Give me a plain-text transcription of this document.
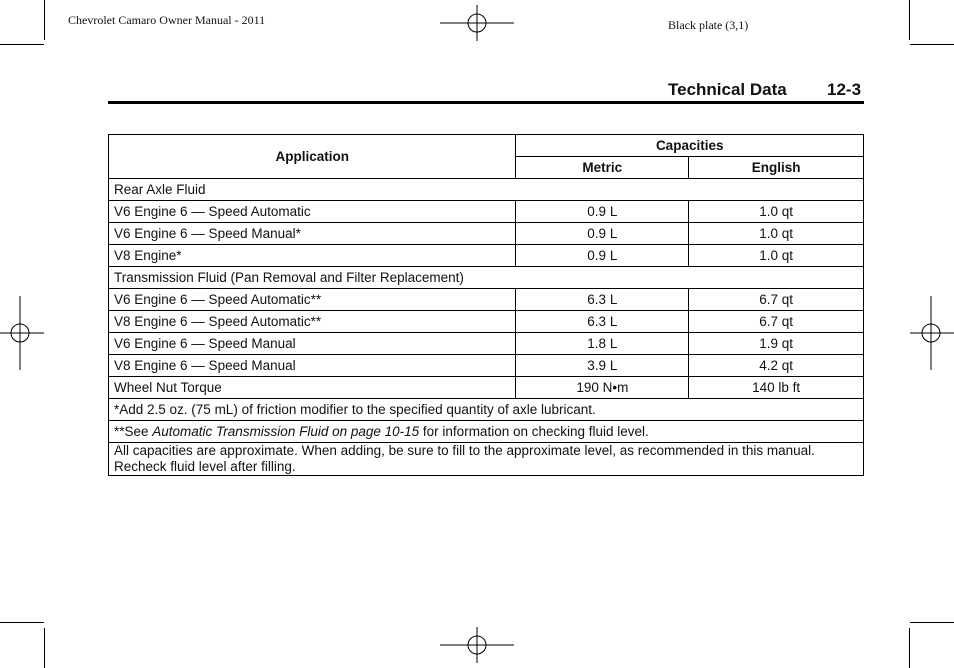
Chevrolet Camaro Owner Manual - 2011	Black plate (3,1)
Technical Data 12-3
Application	Capacities	
	Metric	English
Rear Axle Fluid		
V6 Engine 6 — Speed Automatic	0.9 L	1.0 qt
V6 Engine 6 — Speed Manual*	0.9 L	1.0 qt
V8 Engine*	0.9 L	1.0 qt
Transmission Fluid (Pan Removal and Filter Replacement)		
V6 Engine 6 — Speed Automatic**	6.3 L	6.7 qt
V8 Engine 6 — Speed Automatic**	6.3 L	6.7 qt
V6 Engine 6 — Speed Manual	1.8 L	1.9 qt
V8 Engine 6 — Speed Manual	3.9 L	4.2 qt
Wheel Nut Torque	190 N•m	140 lb ft
*Add 2.5 oz. (75 mL) of friction modifier to the specified quantity of axle lubricant.		
**See Automatic Transmission Fluid on page 10-15 for information on checking fluid level.		
All capacities are approximate. When adding, be sure to fill to the approximate level, as recommended in this manual. Recheck fluid level after filling.		
